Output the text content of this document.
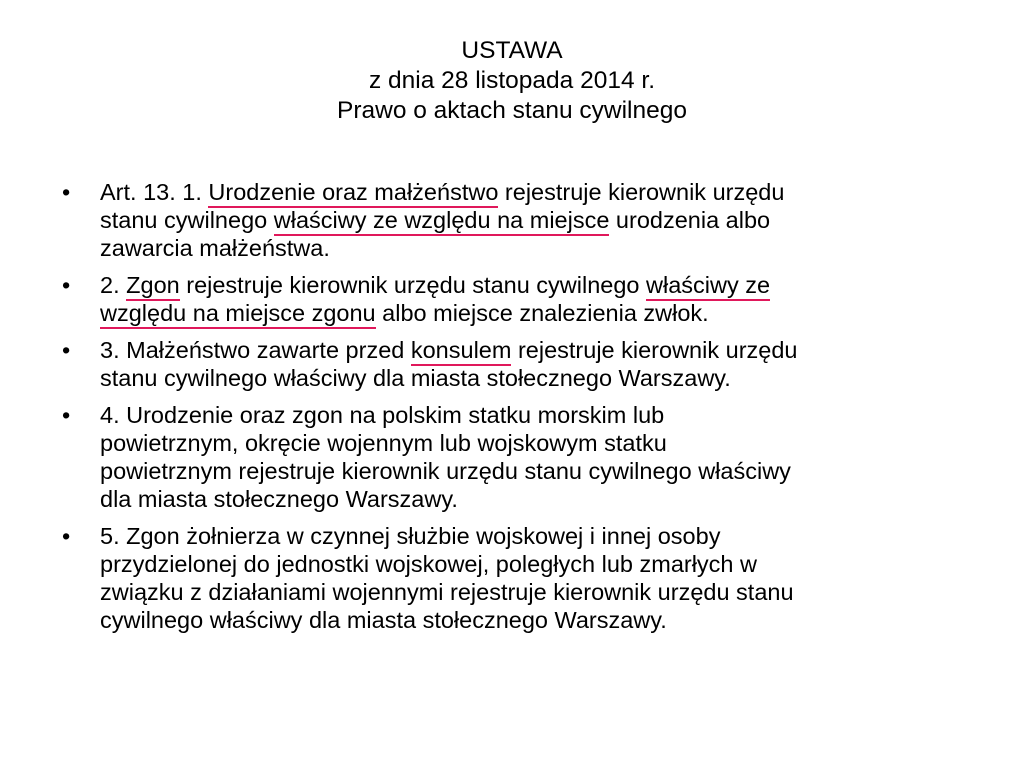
USTAWA
z dnia 28 listopada 2014 r.
Prawo o aktach stanu cywilnego
• Art. 13. 1. Urodzenie oraz małżeństwo rejestruje kierownik urzędu
stanu cywilnego właściwy ze względu na miejsce urodzenia albo
zawarcia małżeństwa.
• 2. Zgon rejestruje kierownik urzędu stanu cywilnego właściwy ze
względu na miejsce zgonu albo miejsce znalezienia zwłok.
• 3. Małżeństwo zawarte przed konsulem rejestruje kierownik urzędu
stanu cywilnego właściwy dla miasta stołecznego Warszawy.
• 4. Urodzenie oraz zgon na polskim statku morskim lub
powietrznym, okręcie wojennym lub wojskowym statku
powietrznym rejestruje kierownik urzędu stanu cywilnego właściwy
dla miasta stołecznego Warszawy.
• 5. Zgon żołnierza w czynnej służbie wojskowej i innej osoby
przydzielonej do jednostki wojskowej, poległych lub zmarłych w
związku z działaniami wojennymi rejestruje kierownik urzędu stanu
cywilnego właściwy dla miasta stołecznego Warszawy.
